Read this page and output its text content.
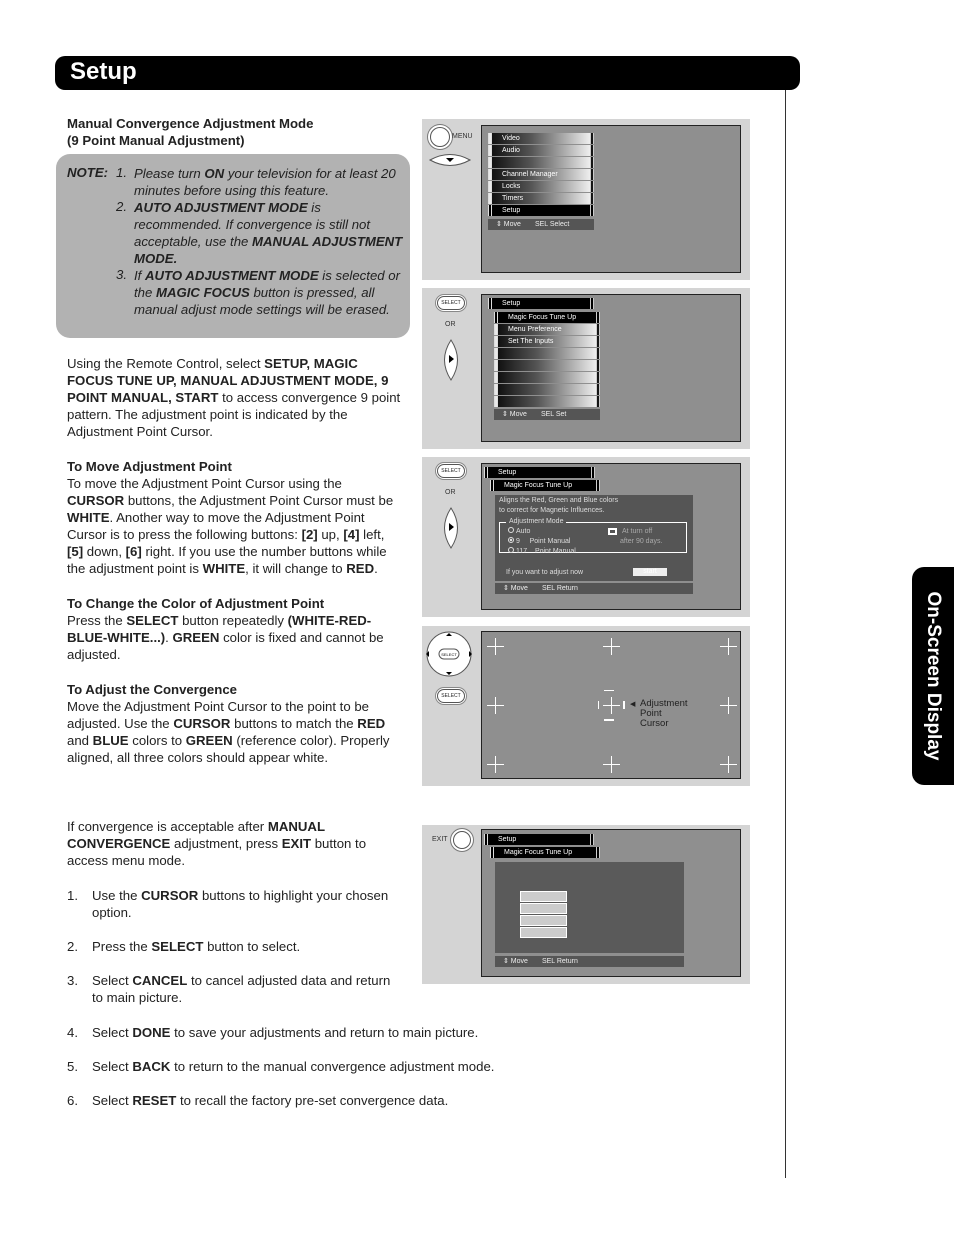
Setup
On-Screen Display
Manual Convergence Adjustment Mode
(9 Point Manual Adjustment)
NOTE: 1. Please turn ON your television for at least 20 minutes before using this feature.
2. AUTO ADJUSTMENT MODE is recommended. If convergence is still not acceptable, use the MANUAL ADJUSTMENT MODE.
3. If AUTO ADJUSTMENT MODE is selected or the MAGIC FOCUS button is pressed, all manual adjust mode settings will be erased.
Using the Remote Control, select SETUP, MAGIC FOCUS TUNE UP, MANUAL ADJUSTMENT MODE, 9 POINT MANUAL, START to access convergence 9 point pattern. The adjustment point is indicated by the Adjustment Point Cursor.
To Move Adjustment Point
To move the Adjustment Point Cursor using the CURSOR buttons, the Adjustment Point Cursor must be WHITE. Another way to move the Adjustment Point Cursor is to press the following buttons: [2] up, [4] left, [5] down, [6] right. If you use the number buttons while the adjustment point is WHITE, it will change to RED.
To Change the Color of Adjustment Point
Press the SELECT button repeatedly (WHITE-RED-BLUE-WHITE...). GREEN color is fixed and cannot be adjusted.
To Adjust the Convergence
Move the Adjustment Point Cursor to the point to be adjusted. Use the CURSOR buttons to match the RED and BLUE colors to GREEN (reference color). Properly aligned, all three colors should appear white.
If convergence is acceptable after MANUAL CONVERGENCE adjustment, press EXIT button to access menu mode.
1. Use the CURSOR buttons to highlight your chosen option.
2. Press the SELECT button to select.
3. Select CANCEL to cancel adjusted data and return to main picture.
4. Select DONE to save your adjustments and return to main picture.
5. Select BACK to return to the manual convergence adjustment mode.
6. Select RESET to recall the factory pre-set convergence data.
MENU	Video
Audio
Channel Manager
Locks
Timers
Setup
⇕ Move SEL Select
SELECT
OR
Setup
Magic Focus Tune Up
Menu Preference
Set The Inputs
⇕ Move SEL Set
SELECT
OR
Setup
Magic Focus Tune Up
Aligns the Red, Green and Blue colors
to correct for Magnetic Influences.
Adjustment Mode
Auto
9     Point Manual
117    Point Manual
At turn off
after 90 days.
If you want to adjust now	start
⇕ Move SEL Return
SELECT
SELECT
◀ Adjustment
Point
Cursor
EXIT	Setup
Magic Focus Tune Up
⇕ Move SEL Return
